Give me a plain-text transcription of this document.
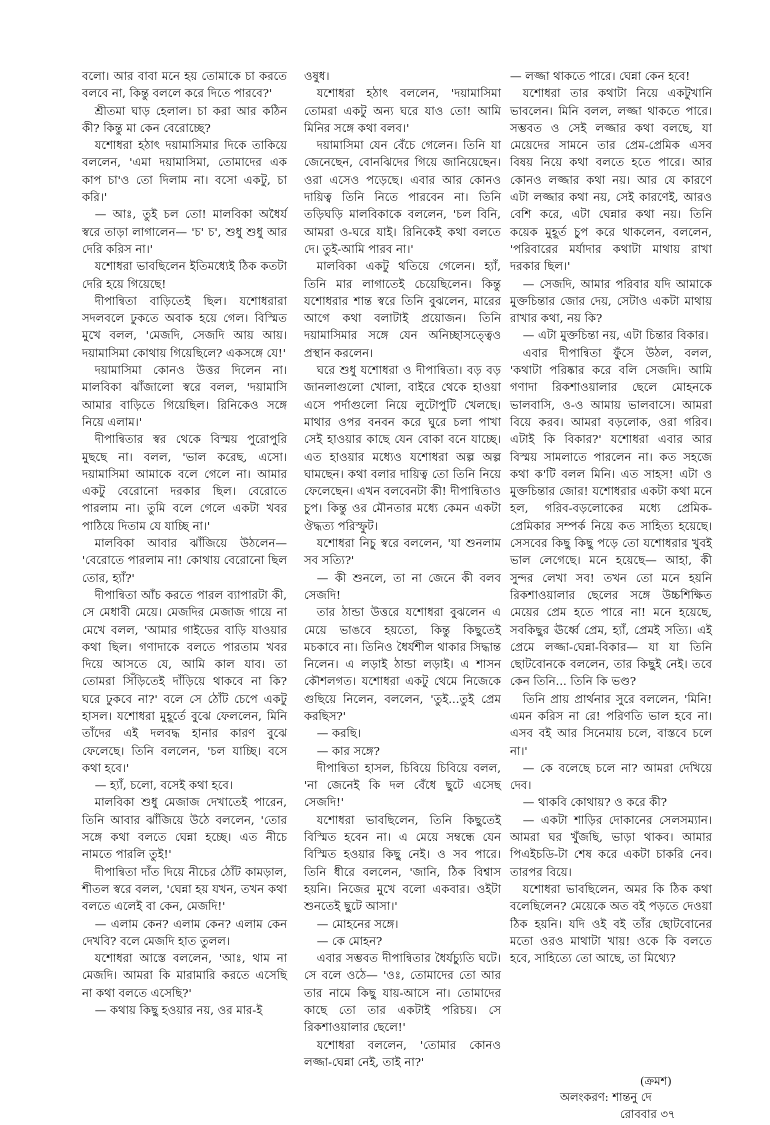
বলো। আর বাবা মনে হয় তোমাকে চা করতে বলবে না, কিন্তু বললে করে দিতে পারবে?'

শ্রীতমা ঘাড় হেলাল। চা করা আর কঠিন কী? কিন্তু মা কেন বেরোচ্ছে?

যশোধরা হঠাৎ দয়ামাসিমার দিকে তাকিয়ে বললেন, 'এমা দয়ামাসিমা, তোমাদের এক কাপ চা'ও তো দিলাম না। বসো একটু, চা করি।'

— আঃ, তুই চল তো! মালবিকা অধৈর্য স্বরে তাড়া লাগালেন— 'চ' চ', শুধু শুধু আর দেরি করিস না।'

যশোধরা ভাবছিলেন ইতিমধ্যেই ঠিক কতটা দেরি হয়ে গিয়েছে!

দীপান্বিতা বাড়িতেই ছিল। যশোধরারা সদলবলে ঢুকতে অবাক হয়ে গেল। বিস্মিত মুখে বলল, 'মেজদি, সেজদি আয় আয়। দয়ামাসিমা কোথায় গিয়েছিলে? একসঙ্গে যে!'

দয়ামাসিমা কোনও উত্তর দিলেন না। মালবিকা ঝাঁজালো স্বরে বলল, 'দয়ামাসি আমার বাড়িতে গিয়েছিল। রিনিকেও সঙ্গে নিয়ে এলাম।'

দীপান্বিতার স্বর থেকে বিস্ময় পুরোপুরি মুছছে না। বলল, 'ভাল করেছ, এসো। দয়ামাসিমা আমাকে বলে গেলে না। আমার একটু বেরোনো দরকার ছিল। বেরোতে পারলাম না। তুমি বলে গেলে একটা খবর পাঠিয়ে দিতাম যে যাচ্ছি না।'

মালবিকা আবার ঝাঁজিয়ে উঠলেন— 'বেরোতে পারলাম না! কোথায় বেরোনো ছিল তোর, হ্যাঁ?'

দীপান্বিতা আঁচ করতে পারল ব্যাপারটা কী, সে মেধাবী মেয়ে। মেজদির মেজাজ গায়ে না মেখে বলল, 'আমার গাইডের বাড়ি যাওয়ার কথা ছিল। গণাদাকে বলতে পারতাম খবর দিয়ে আসতে যে, আমি কাল যাব। তা তোমরা সিঁড়িতেই দাঁড়িয়ে থাকবে না কি? ঘরে ঢুকবে না?' বলে সে ঠোঁট চেপে একটু হাসল। যশোধরা মুহূর্তে বুঝে ফেললেন, মিনি তাঁদের এই দলবদ্ধ হানার কারণ বুঝে ফেলেছে। তিনি বললেন, 'চল যাচ্ছি। বসে কথা হবে।'

— হ্যাঁ, চলো, বসেই কথা হবে।

মালবিকা শুধু মেজাজ দেখাতেই পারেন, তিনি আবার ঝাঁজিয়ে উঠে বললেন, 'তোর সঙ্গে কথা বলতে ঘেন্না হচ্ছে। এত নীচে নামতে পারলি তুই!'

দীপান্বিতা দাঁত দিয়ে নীচের ঠোঁট কামড়াল, শীতল স্বরে বলল, 'ঘেন্না হয় যখন, তখন কথা বলতে এলেই বা কেন, মেজদি!'

— এলাম কেন? এলাম কেন? এলাম কেন দেখবি? বলে মেজদি হাত তুলল।

যশোধরা আস্তে বললেন, 'আঃ, থাম না মেজদি। আমরা কি মারামারি করতে এসেছি না কথা বলতে এসেছি?'

— কথায় কিছু হওয়ার নয়, ওর মার-ই

ওষুধ।

যশোধরা হঠাৎ বললেন, 'দয়ামাসিমা তোমরা একটু অন্য ঘরে যাও তো! আমি মিনির সঙ্গে কথা বলব।'

দয়ামাসিমা যেন বেঁচে গেলেন। তিনি যা জেনেছেন, বোনঝিদের গিয়ে জানিয়েছেন। ওরা এসেও পড়েছে। এবার আর কোনও দায়িত্ব তিনি নিতে পারবেন না। তিনি তড়িঘড়ি মালবিকাকে বললেন, 'চল বিনি, আমরা ও-ঘরে যাই। রিনিকেই কথা বলতে দে। তুই-আমি পারব না।'

মালবিকা একটু থতিয়ে গেলেন। হ্যাঁ, তিনি মার লাগাতেই চেয়েছিলেন। কিন্তু যশোধরার শান্ত স্বরে তিনি বুঝলেন, মারের আগে কথা বলাটাই প্রয়োজন। তিনি দয়ামাসিমার সঙ্গে যেন অনিচ্ছাসত্ত্বেও প্রস্থান করলেন।

ঘরে শুধু যশোধরা ও দীপান্বিতা। বড় বড় জানলাগুলো খোলা, বাইরে থেকে হাওয়া এসে পর্দাগুলো নিয়ে লুটোপুটি খেলছে। মাথার ওপর বনবন করে ঘুরে চলা পাখা সেই হাওয়ার কাছে যেন বোকা বনে যাচ্ছে। এত হাওয়ার মধ্যেও যশোধরা অল্প অল্প ঘামছেন। কথা বলার দায়িত্ব তো তিনি নিয়ে ফেলেছেন। এখন বলবেনটা কী! দীপান্বিতাও চুপ। কিন্তু ওর মৌনতার মধ্যে কেমন একটা ঔদ্ধত্য পরিস্ফুট।

যশোধরা নিচু স্বরে বললেন, 'যা শুনলাম সব সত্যি?'

— কী শুনলে, তা না জেনে কী বলব সেজদি!

তার ঠান্ডা উত্তরে যশোধরা বুঝলেন এ মেয়ে ভাঙবে হয়তো, কিন্তু কিছুতেই মচকাবে না। তিনিও ধৈর্যশীল থাকার সিদ্ধান্ত নিলেন। এ লড়াই ঠান্ডা লড়াই। এ শাসন কৌশলগত। যশোধরা একটু থেমে নিজেকে গুছিয়ে নিলেন, বললেন, 'তুই...তুই প্রেম করছিস?'

— করছি।

— কার সঙ্গে?

দীপান্বিতা হাসল, চিবিয়ে চিবিয়ে বলল, 'না জেনেই কি দল বেঁধে ছুটে এসেছ সেজদি!'

যশোধরা ভাবছিলেন, তিনি কিছুতেই বিস্মিত হবেন না। এ মেয়ে সম্বন্ধে যেন বিস্মিত হওয়ার কিছু নেই। ও সব পারে। তিনি ধীরে বললেন, 'জানি, ঠিক বিশ্বাস হয়নি। নিজের মুখে বলো একবার। ওইটা শুনতেই ছুটে আসা।'

— মোহনের সঙ্গে।

— কে মোহন?

এবার সম্ভবত দীপান্বিতার ধৈর্যচ্যুতি ঘটে। সে বলে ওঠে— 'ওঃ, তোমাদের তো আর তার নামে কিছু যায়-আসে না। তোমাদের কাছে তো তার একটাই পরিচয়। সে রিকশাওয়ালার ছেলে!'

যশোধরা বললেন, 'তোমার কোনও লজ্জা-ঘেন্না নেই, তাই না?'

— লজ্জা থাকতে পারে। ঘেন্না কেন হবে!

যশোধরা তার কথাটা নিয়ে একটুখানি ভাবলেন। মিনি বলল, লজ্জা থাকতে পারে। সম্ভবত ও সেই লজ্জার কথা বলছে, যা মেয়েদের সামনে তার প্রেম-প্রেমিক এসব বিষয় নিয়ে কথা বলতে হতে পারে। আর কোনও লজ্জার কথা নয়। আর যে কারণে এটা লজ্জার কথা নয়, সেই কারণেই, আরও বেশি করে, এটা ঘেন্নার কথা নয়। তিনি কয়েক মুহূর্ত চুপ করে থাকলেন, বললেন, 'পরিবারের মর্যাদার কথাটা মাথায় রাখা দরকার ছিল।'

— সেজদি, আমার পরিবার যদি আমাকে মুক্তচিন্তার জোর দেয়, সেটাও একটা মাথায় রাখার কথা, নয় কি?

— এটা মুক্তচিন্তা নয়, এটা চিন্তার বিকার।

এবার দীপান্বিতা ফুঁসে উঠল, বলল, 'কথাটা পরিষ্কার করে বলি সেজদি। আমি গণাদা রিকশাওয়ালার ছেলে মোহনকে ভালবাসি, ও-ও আমায় ভালবাসে। আমরা বিয়ে করব। আমরা বড়লোক, ওরা গরিব। এটাই কি বিকার?' যশোধরা এবার আর বিস্ময় সামলাতে পারলেন না। কত সহজে কথা ক'টি বলল মিনি। এত সাহস! এটা ও মুক্তচিন্তার জোর! যশোধরার একটা কথা মনে হল, গরিব-বড়লোকের মধ্যে প্রেমিক-প্রেমিকার সম্পর্ক নিয়ে কত সাহিত্য হয়েছে। সেসবের কিছু কিছু পড়ে তো যশোধরার খুবই ভাল লেগেছে। মনে হয়েছে— আহা, কী সুন্দর লেখা সব! তখন তো মনে হয়নি রিকশাওয়ালার ছেলের সঙ্গে উচ্চশিক্ষিত মেয়ের প্রেম হতে পারে না! মনে হয়েছে, সবকিছুর ঊর্ধ্বে প্রেম, হ্যাঁ, প্রেমই সত্যি। এই প্রেমে লজ্জা-ঘেন্না-বিকার— যা যা তিনি ছোটবোনকে বললেন, তার কিছুই নেই। তবে কেন তিনি... তিনি কি ভণ্ড?

তিনি প্রায় প্রার্থনার সুরে বললেন, 'মিনি! এমন করিস না রে! পরিণতি ভাল হবে না। এসব বই আর সিনেমায় চলে, বাস্তবে চলে না।'

— কে বলেছে চলে না? আমরা দেখিয়ে দেব।

— থাকবি কোথায়? ও করে কী?

— একটা শাড়ির দোকানের সেলসম্যান। আমরা ঘর খুঁজছি, ভাড়া থাকব। আমার পিএইচডি-টা শেষ করে একটা চাকরি নেব। তারপর বিয়ে।

যশোধরা ভাবছিলেন, অমর কি ঠিক কথা বলেছিলেন? মেয়েকে অত বই পড়তে দেওয়া ঠিক হয়নি। যদি ওই বই তাঁর ছোটবোনের মতো ওরও মাথাটা খায়! ওকে কি বলতে হবে, সাহিত্যে তো আছে, তা মিথ্যে?

(ক্রমশ)
অলংকরণ: শান্তনু দে
রোববার ৩৭
